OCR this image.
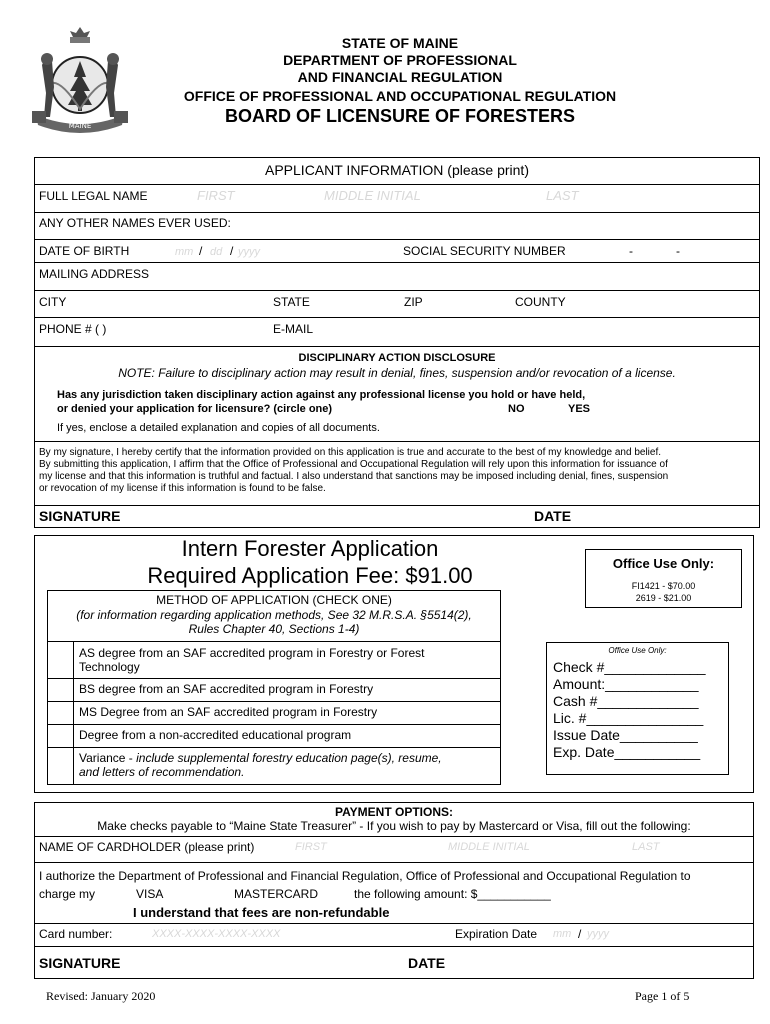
MAINE
STATE OF MAINE
DEPARTMENT OF PROFESSIONAL
AND FINANCIAL REGULATION
OFFICE OF PROFESSIONAL AND OCCUPATIONAL REGULATION
BOARD OF LICENSURE OF FORESTERS
APPLICANT INFORMATION (please print)
FULL LEGAL NAME	FIRST	MIDDLE INITIAL	LAST
ANY OTHER NAMES EVER USED:
DATE OF BIRTH	mm / dd / yyyy	SOCIAL SECURITY NUMBER	-	-
MAILING ADDRESS
CITY	STATE	ZIP	COUNTY
PHONE # ( )	E-MAIL
DISCIPLINARY ACTION DISCLOSURE
NOTE: Failure to disciplinary action may result in denial, fines, suspension and/or revocation of a license.
Has any jurisdiction taken disciplinary action against any professional license you hold or have held,
or denied your application for licensure? (circle one)	NO	YES
If yes, enclose a detailed explanation and copies of all documents.
By my signature, I hereby certify that the information provided on this application is true and accurate to the best of my knowledge and belief.
By submitting this application, I affirm that the Office of Professional and Occupational Regulation will rely upon this information for issuance of
my license and that this information is truthful and factual. I also understand that sanctions may be imposed including denial, fines, suspension
or revocation of my license if this information is found to be false.
SIGNATURE	DATE
Intern Forester Application
Required Application Fee: $91.00	Office Use Only:
FI1421 - $70.00
2619 - $21.00
METHOD OF APPLICATION (CHECK ONE)
(for information regarding application methods, See 32 M.R.S.A. §5514(2),
Rules Chapter 40, Sections 1-4)
AS degree from an SAF accredited program in Forestry or Forest
Technology
BS degree from an SAF accredited program in Forestry
MS Degree from an SAF accredited program in Forestry
Degree from a non-accredited educational program
Variance - include supplemental forestry education page(s), resume,
and letters of recommendation.
Office Use Only:
Check #_____________
Amount:____________
Cash #_____________
Lic. #_______________
Issue Date__________
Exp. Date___________
PAYMENT OPTIONS:
Make checks payable to “Maine State Treasurer” - If you wish to pay by Mastercard or Visa, fill out the following:
NAME OF CARDHOLDER (please print)	FIRST	MIDDLE INITIAL	LAST
I authorize the Department of Professional and Financial Regulation, Office of Professional and Occupational Regulation to
charge my	VISA	MASTERCARD	the following amount: $___________
I understand that fees are non-refundable
Card number:	XXXX-XXXX-XXXX-XXXX	Expiration Date mm / yyyy
SIGNATURE	DATE
Revised: January 2020	Page 1 of 5
